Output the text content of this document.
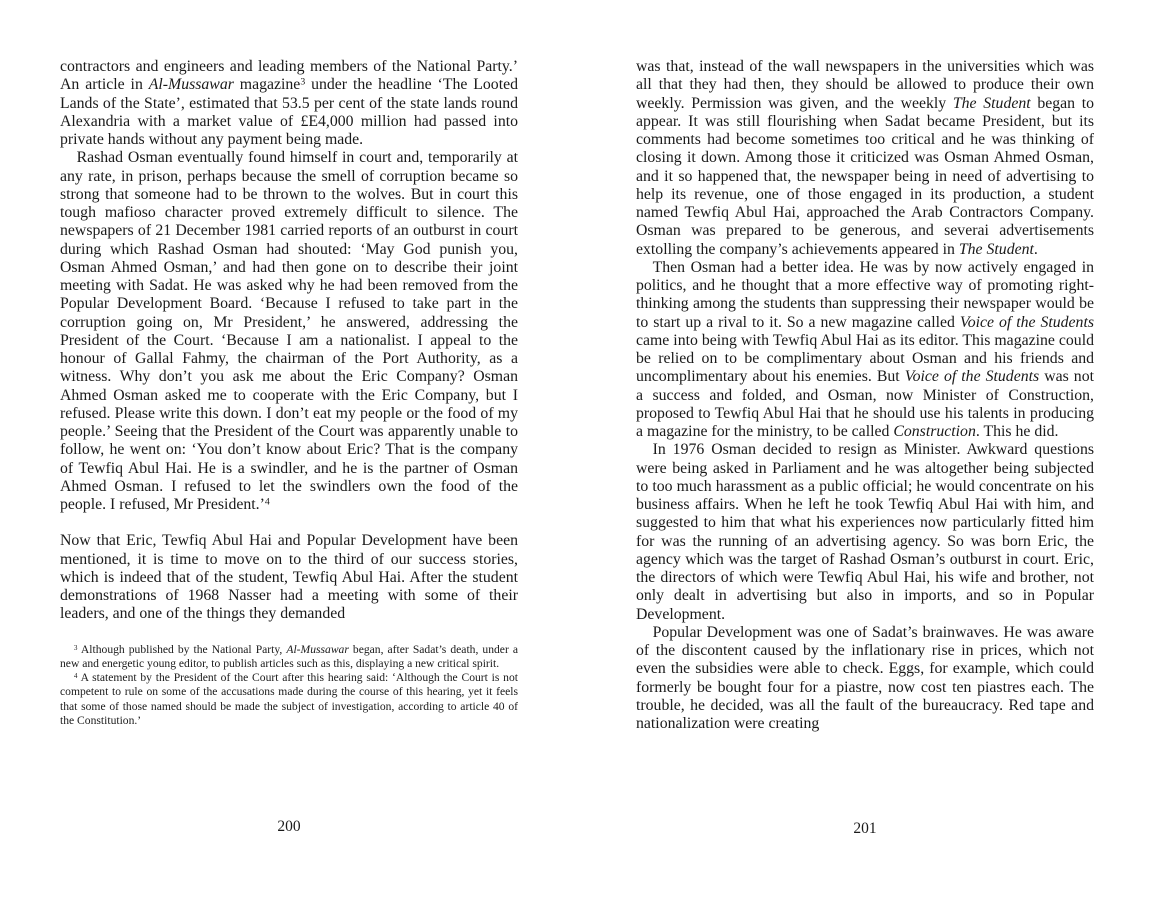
contractors and engineers and leading members of the National Party.’ An article in Al-Mussawar magazine$^3$ under the headline ‘The Looted Lands of the State’, estimated that 53.5 per cent of the state lands round Alexandria with a market value of £E4,000 million had passed into private hands without any payment being made.

Rashad Osman eventually found himself in court and, temporarily at any rate, in prison, perhaps because the smell of corruption became so strong that someone had to be thrown to the wolves. But in court this tough mafioso character proved extremely difficult to silence. The newspapers of 21 December 1981 carried reports of an outburst in court during which Rashad Osman had shouted: ‘May God punish you, Osman Ahmed Osman,’ and had then gone on to describe their joint meeting with Sadat. He was asked why he had been removed from the Popular Development Board. ‘Because I refused to take part in the corruption going on, Mr President,’ he answered, addressing the President of the Court. ‘Because I am a nationalist. I appeal to the honour of Gallal Fahmy, the chairman of the Port Authority, as a witness. Why don’t you ask me about the Eric Company? Osman Ahmed Osman asked me to cooperate with the Eric Company, but I refused. Please write this down. I don’t eat my people or the food of my people.’ Seeing that the President of the Court was apparently unable to follow, he went on: ‘You don’t know about Eric? That is the company of Tewfiq Abul Hai. He is a swindler, and he is the partner of Osman Ahmed Osman. I refused to let the swindlers own the food of the people. I refused, Mr President.’$^4$

Now that Eric, Tewfiq Abul Hai and Popular Development have been mentioned, it is time to move on to the third of our success stories, which is indeed that of the student, Tewfiq Abul Hai. After the student demonstrations of 1968 Nasser had a meeting with some of their leaders, and one of the things they demanded

$^3$ Although published by the National Party, Al-Mussawar began, after Sadat’s death, under a new and energetic young editor, to publish articles such as this, displaying a new critical spirit.

$^4$ A statement by the President of the Court after this hearing said: ‘Although the Court is not competent to rule on some of the accusations made during the course of this hearing, yet it feels that some of those named should be made the subject of investigation, according to article 40 of the Constitution.’

200

was that, instead of the wall newspapers in the universities which was all that they had then, they should be allowed to produce their own weekly. Permission was given, and the weekly The Student began to appear. It was still flourishing when Sadat became President, but its comments had become sometimes too critical and he was thinking of closing it down. Among those it criticized was Osman Ahmed Osman, and it so happened that, the newspaper being in need of advertising to help its revenue, one of those engaged in its production, a student named Tewfiq Abul Hai, approached the Arab Contractors Company. Osman was prepared to be generous, and severai advertisements extolling the company’s achievements appeared in The Student.

Then Osman had a better idea. He was by now actively engaged in politics, and he thought that a more effective way of promoting right-thinking among the students than suppressing their newspaper would be to start up a rival to it. So a new magazine called Voice of the Students came into being with Tewfiq Abul Hai as its editor. This magazine could be relied on to be complimentary about Osman and his friends and uncomplimentary about his enemies. But Voice of the Students was not a success and folded, and Osman, now Minister of Construction, proposed to Tewfiq Abul Hai that he should use his talents in producing a magazine for the ministry, to be called Construction. This he did.

In 1976 Osman decided to resign as Minister. Awkward questions were being asked in Parliament and he was altogether being subjected to too much harassment as a public official; he would concentrate on his business affairs. When he left he took Tewfiq Abul Hai with him, and suggested to him that what his experiences now particularly fitted him for was the running of an advertising agency. So was born Eric, the agency which was the target of Rashad Osman’s outburst in court. Eric, the directors of which were Tewfiq Abul Hai, his wife and brother, not only dealt in advertising but also in imports, and so in Popular Development.

Popular Development was one of Sadat’s brainwaves. He was aware of the discontent caused by the inflationary rise in prices, which not even the subsidies were able to check. Eggs, for example, which could formerly be bought four for a piastre, now cost ten piastres each. The trouble, he decided, was all the fault of the bureaucracy. Red tape and nationalization were creating

201
